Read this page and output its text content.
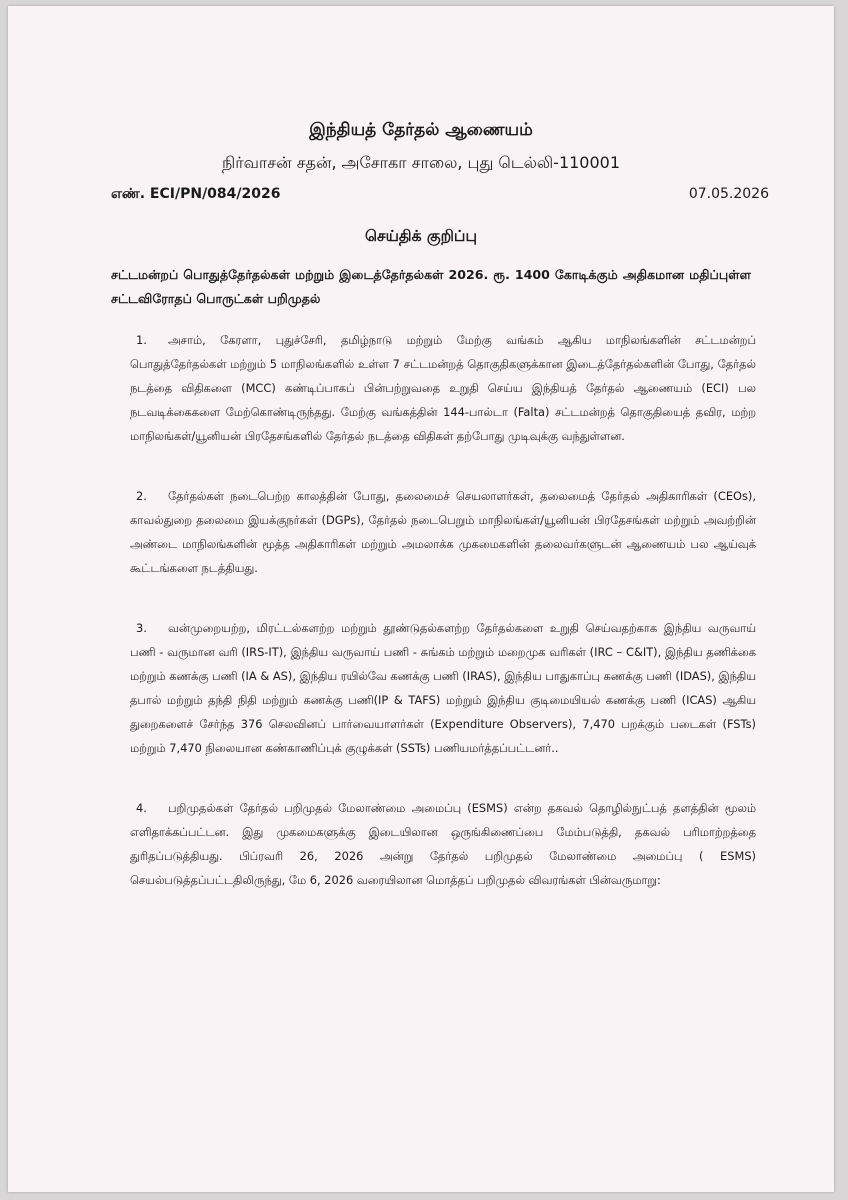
இந்தியத் தேர்தல் ஆணையம்
நிர்வாசன் சதன், அசோகா சாலை, புது டெல்லி-110001
எண். ECI/PN/084/2026	07.05.2026
செய்திக் குறிப்பு
சட்டமன்றப் பொதுத்தேர்தல்கள் மற்றும் இடைத்தேர்தல்கள் 2026. ரூ. 1400 கோடிக்கும் அதிகமான மதிப்புள்ள சட்டவிரோதப் பொருட்கள் பறிமுதல்
1. அசாம், கேரளா, புதுச்சேரி, தமிழ்நாடு மற்றும் மேற்கு வங்கம் ஆகிய மாநிலங்களின் சட்டமன்றப் பொதுத்தேர்தல்கள் மற்றும் 5 மாநிலங்களில் உள்ள 7 சட்டமன்றத் தொகுதிகளுக்கான இடைத்தேர்தல்களின் போது, தேர்தல் நடத்தை விதிகளை (MCC) கண்டிப்பாகப் பின்பற்றுவதை உறுதி செய்ய இந்தியத் தேர்தல் ஆணையம் (ECI) பல நடவடிக்கைகளை மேற்கொண்டிருந்தது. மேற்கு வங்கத்தின் 144-பால்டா (Falta) சட்டமன்றத் தொகுதியைத் தவிர, மற்ற மாநிலங்கள்/யூனியன் பிரதேசங்களில் தேர்தல் நடத்தை விதிகள் தற்போது முடிவுக்கு வந்துள்ளன.
2. தேர்தல்கள் நடைபெற்ற காலத்தின் போது, தலைமைச் செயலாளர்கள், தலைமைத் தேர்தல் அதிகாரிகள் (CEOs), காவல்துறை தலைமை இயக்குநர்கள் (DGPs), தேர்தல் நடைபெறும் மாநிலங்கள்/யூனியன் பிரதேசங்கள் மற்றும் அவற்றின் அண்டை மாநிலங்களின் மூத்த அதிகாரிகள் மற்றும் அமலாக்க முகமைகளின் தலைவர்களுடன் ஆணையம் பல ஆய்வுக் கூட்டங்களை நடத்தியது.
3. வன்முறையற்ற, மிரட்டல்களற்ற மற்றும் தூண்டுதல்களற்ற தேர்தல்களை உறுதி செய்வதற்காக இந்திய வருவாய் பணி - வருமான வரி (IRS-IT), இந்திய வருவாய் பணி - சுங்கம் மற்றும் மறைமுக வரிகள் (IRC – C&IT), இந்திய தணிக்கை மற்றும் கணக்கு பணி (IA & AS), இந்திய ரயில்வே கணக்கு பணி (IRAS), இந்திய பாதுகாப்பு கணக்கு பணி (IDAS), இந்திய தபால் மற்றும் தந்தி நிதி மற்றும் கணக்கு பணி(IP & TAFS) மற்றும் இந்திய குடிமையியல் கணக்கு பணி (ICAS) ஆகிய துறைகளைச் சேர்ந்த 376 செலவினப் பார்வையாளர்கள் (Expenditure Observers), 7,470 பறக்கும் படைகள் (FSTs) மற்றும் 7,470 நிலையான கண்காணிப்புக் குழுக்கள் (SSTs) பணியமர்த்தப்பட்டனர்..
4. பறிமுதல்கள் தேர்தல் பறிமுதல் மேலாண்மை அமைப்பு (ESMS) என்ற தகவல் தொழில்நுட்பத் தளத்தின் மூலம் எளிதாக்கப்பட்டன. இது முகமைகளுக்கு இடையிலான ஒருங்கிணைப்பை மேம்படுத்தி, தகவல் பரிமாற்றத்தை துரிதப்படுத்தியது. பிப்ரவரி 26, 2026 அன்று தேர்தல் பறிமுதல் மேலாண்மை அமைப்பு ( ESMS) செயல்படுத்தப்பட்டதிலிருந்து, மே 6, 2026 வரையிலான மொத்தப் பறிமுதல் விவரங்கள் பின்வருமாறு:
